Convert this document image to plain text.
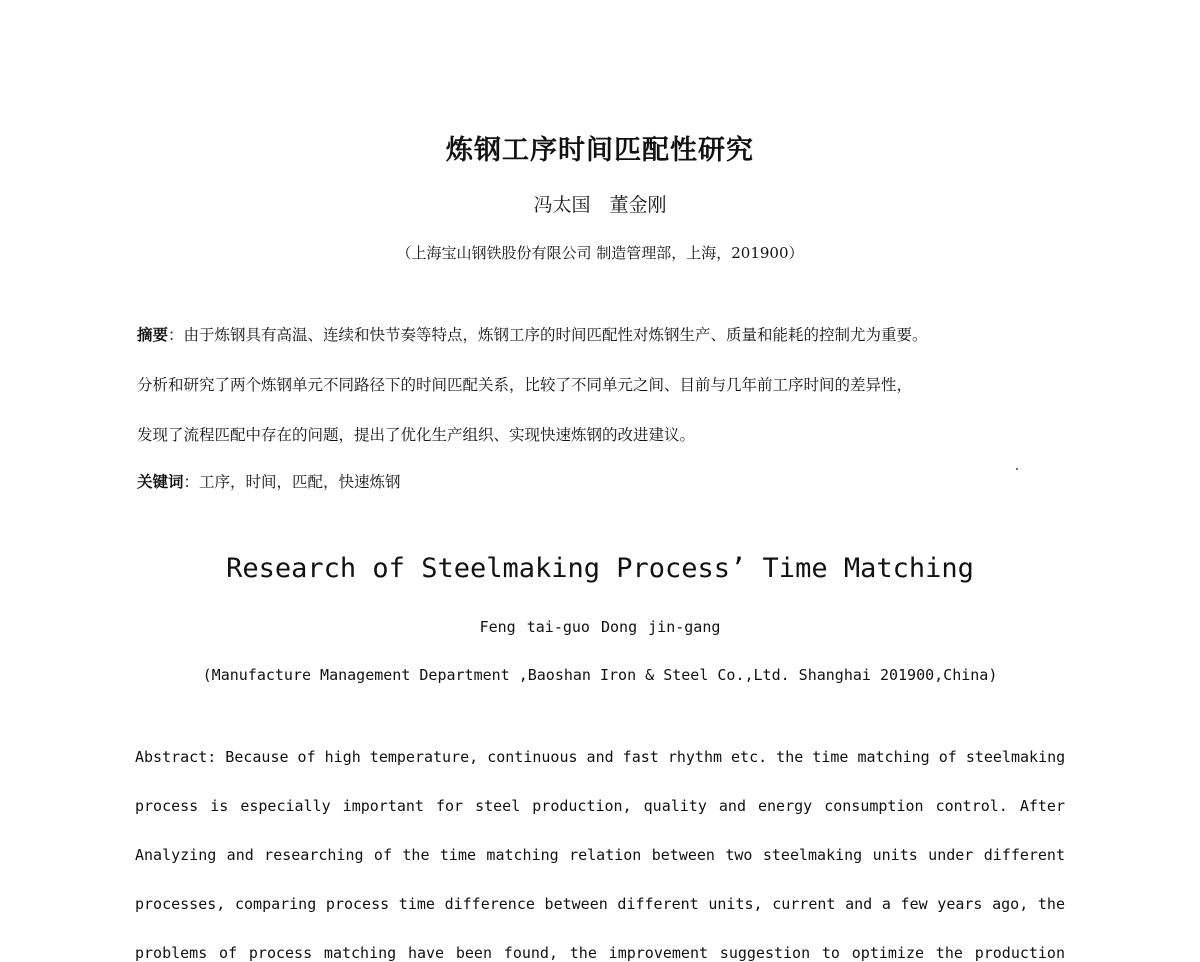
炼钢工序时间匹配性研究
冯太国　董金刚
（上海宝山钢铁股份有限公司 制造管理部，上海，201900）
摘要：由于炼钢具有高温、连续和快节奏等特点，炼钢工序的时间匹配性对炼钢生产、质量和能耗的控制尤为重要。
分析和研究了两个炼钢单元不同路径下的时间匹配关系，比较了不同单元之间、目前与几年前工序时间的差异性，
发现了流程匹配中存在的问题，提出了优化生产组织、实现快速炼钢的改进建议。
关键词：工序，时间，匹配，快速炼钢
Research of Steelmaking Process’ Time Matching
Feng tai-guo Dong jin-gang
(Manufacture Management Department ,Baoshan Iron & Steel Co.,Ltd. Shanghai 201900,China)
Abstract: Because of high temperature, continuous and fast rhythm etc. the time matching of steelmaking
process is especially important for steel production, quality and energy consumption control. After
Analyzing and researching of the time matching relation between two steelmaking units under different
processes, comparing process time difference between different units, current and a few years ago, the
problems of process matching have been found, the improvement suggestion to optimize the production
